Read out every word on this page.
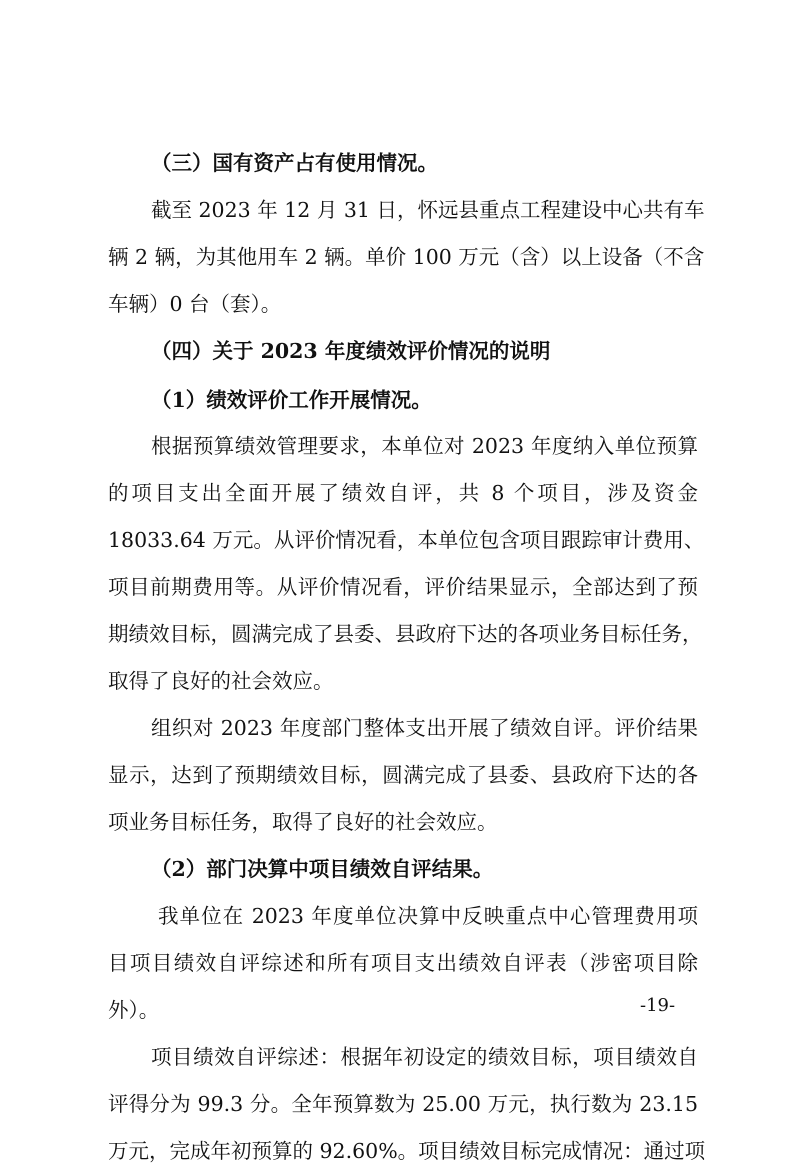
（三）国有资产占有使用情况。
截至 2023 年 12 月 31 日，怀远县重点工程建设中心共有车
辆 2 辆，为其他用车 2 辆。单价 100 万元（含）以上设备（不含
车辆）0 台（套）。
（四）关于 2023 年度绩效评价情况的说明
（1）绩效评价工作开展情况。
根据预算绩效管理要求，本单位对 2023 年度纳入单位预算
的项目支出全面开展了绩效自评，共 8 个项目，涉及资金
18033.64 万元。从评价情况看，本单位包含项目跟踪审计费用、
项目前期费用等。从评价情况看，评价结果显示，全部达到了预
期绩效目标，圆满完成了县委、县政府下达的各项业务目标任务，
取得了良好的社会效应。
组织对 2023 年度部门整体支出开展了绩效自评。评价结果
显示，达到了预期绩效目标，圆满完成了县委、县政府下达的各
项业务目标任务，取得了良好的社会效应。
（2）部门决算中项目绩效自评结果。
我单位在 2023 年度单位决算中反映重点中心管理费用项
目项目绩效自评综述和所有项目支出绩效自评表（涉密项目除
外）。
项目绩效自评综述：根据年初设定的绩效目标，项目绩效自
评得分为 99.3 分。全年预算数为 25.00 万元，执行数为 23.15
万元，完成年初预算的 92.60%。项目绩效目标完成情况：通过项
-19-
